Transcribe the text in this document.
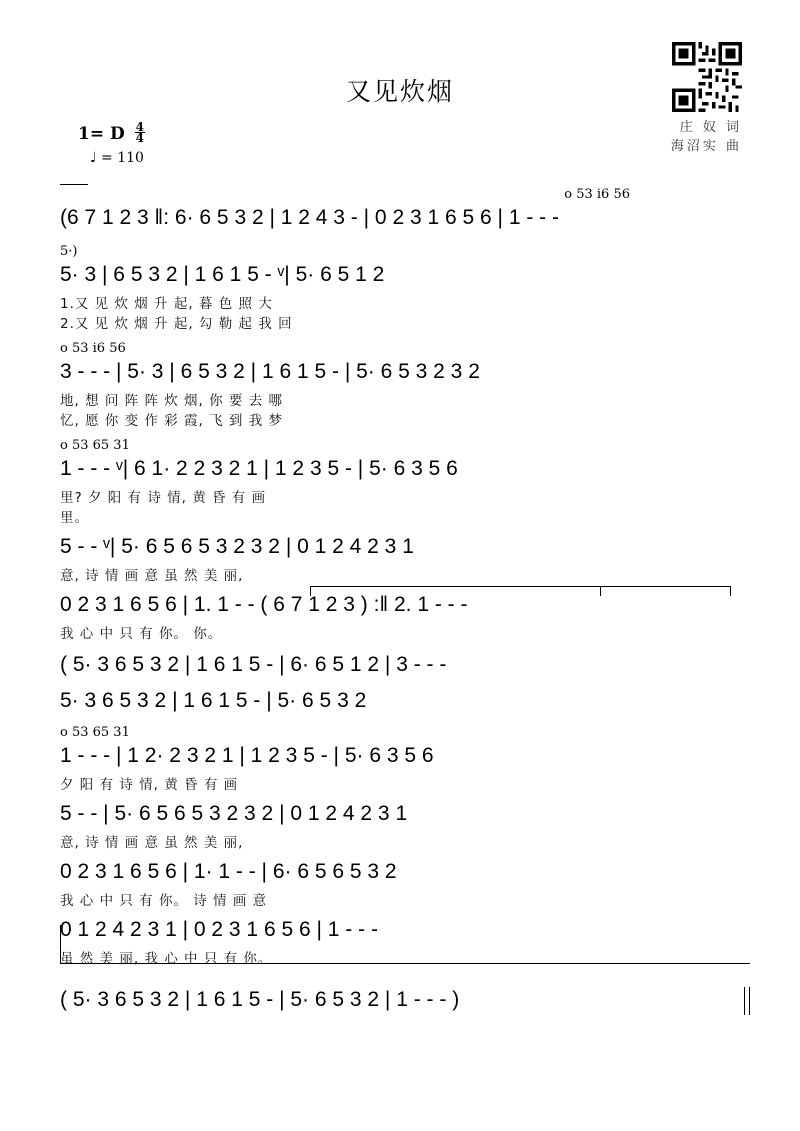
庄 奴 词
海沼实 曲
又见炊烟
1= D $\frac{4}{4}$
♩ = 110
o 53 i6 56
(6 7 1 2 3 ‖: 6· 6 5 3 2 | 1 2 4 3 - | 0 2 3 1 6 5 6 | 1 - - -
5·)
5· 3 | 6 5 3 2 | 1 6 1 5 - ᵛ| 5· 6 5 1 2
1.又 见 炊 烟 升 起, 暮 色 照 大
2.又 见 炊 烟 升 起, 勾 勒 起 我 回
o 53 i6 56
3 - - - | 5· 3 | 6 5 3 2 | 1 6 1 5 - | 5· 6 5 3 2 3 2
地, 想 问 阵 阵 炊 烟, 你 要 去 哪
忆, 愿 你 变 作 彩 霞, 飞 到 我 梦
o 53 65 31
1 - - - ᵛ| 6 1· 2 2 3 2 1 | 1 2 3 5 - | 5· 6 3 5 6
里? 夕 阳 有 诗 情, 黄 昏 有 画
里。
5 - - ᵛ| 5· 6 5 6 5 3 2 3 2 | 0 1 2 4 2 3 1
意, 诗 情 画 意 虽 然 美 丽,
0 2 3 1 6 5 6 | 1. 1 - - ( 6 7 1 2 3 ) :‖ 2. 1 - - -
我 心 中 只 有 你。 你。
( 5· 3 6 5 3 2 | 1 6 1 5 - | 6· 6 5 1 2 | 3 - - -
5· 3 6 5 3 2 | 1 6 1 5 - | 5· 6 5 3 2
o 53 65 31
1 - - - | 1 2· 2 3 2 1 | 1 2 3 5 - | 5· 6 3 5 6
夕 阳 有 诗 情, 黄 昏 有 画
5 - - | 5· 6 5 6 5 3 2 3 2 | 0 1 2 4 2 3 1
意, 诗 情 画 意 虽 然 美 丽,
0 2 3 1 6 5 6 | 1· 1 - - | 6· 6 5 6 5 3 2
我 心 中 只 有 你。 诗 情 画 意
0 1 2 4 2 3 1 | 0 2 3 1 6 5 6 | 1 - - -
虽 然 美 丽, 我 心 中 只 有 你。
( 5· 3 6 5 3 2 | 1 6 1 5 - | 5· 6 5 3 2 | 1 - - - )
